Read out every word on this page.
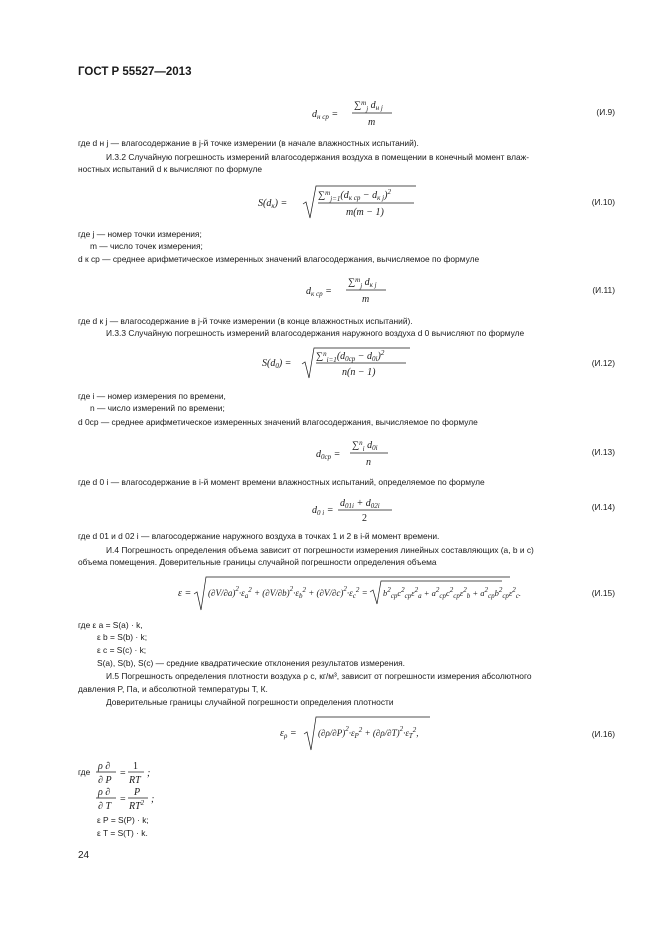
ГОСТ Р 55527—2013
$d_{н ср}$ =
∑$^m_j$ $d_{н j}$
m
(И.9)
где d н j — влагосодержание в j-й точке измерении (в начале влажностных испытаний).
И.3.2 Случайную погрешность измерений влагосодержания воздуха в помещении в конечный момент влаж-
ностных испытаний d к вычисляют по формуле
$S(d_к)$ =
$\sum^m_{j=1}(d_{к ср} - d_{к j})^2$
m(m − 1)
(И.10)
где j — номер точки измерения;
m — число точек измерения;
d к ср — среднее арифметическое измеренных значений влагосодержания, вычисляемое по формуле
$d_{к ср}$ =
∑$^m_j$ $d_{к j}$
m
(И.11)
где d к j — влагосодержание в j-й точке измерении (в конце влажностных испытаний).
И.3.3 Случайную погрешность измерений влагосодержания наружного воздуха d 0 вычисляют по формуле
$S(d_0)$ =
$\sum^n_{i=1}(d_{0ср} - d_{0i})^2$
n(n − 1)
(И.12)
где i — номер измерения по времени,
n — число измерений по времени;
d 0ср — среднее арифметическое измеренных значений влагосодержания, вычисляемое по формуле
$d_{0ср}$ =
∑$^n_i$ $d_{0i}$
n
(И.13)
где d 0 i — влагосодержание в i-й момент времени влажностных испытаний, определяемое по формуле
$d_{0 i}$ =
$d_{01i} + d_{02i}$
2
(И.14)
где d 01 и d 02 i — влагосодержание наружного воздуха в точках 1 и 2 в i-й момент времени.
И.4 Погрешность определения объема зависит от погрешности измерения линейных составляющих (a, b и c)
объема помещения. Доверительные границы случайной погрешности определения объема
$\varepsilon = (\partial V/\partial a)^2\cdot\varepsilon_a^2 + (\partial V/\partial b)^2\cdot\varepsilon_b^2 + (\partial V/\partial c)^2\cdot\varepsilon_c^2 = b^2_{ср}c^2_{ср}\varepsilon^2_a + a^2_{ср}c^2_{ср}\varepsilon^2_b + a^2_{ср}b^2_{ср}\varepsilon^2_c$.	(И.15)
где ε a = S(a) · k,
ε b = S(b) · k;
ε c = S(c) · k;
S(a), S(b), S(c) — средние квадратические отклонения результатов измерения.
И.5 Погрешность определения плотности воздуха ρ с, кг/м³, зависит от погрешности измерения абсолютного
давления P, Па, и абсолютной температуры T, К.
Доверительные границы случайной погрешности определения плотности
$\varepsilon_\rho = (\partial\rho/\partial P)^2\cdot\varepsilon_P^2 + (\partial\rho/\partial T)^2\cdot\varepsilon_T^2$,	(И.16)
где ρ ∂
∂ P
=
1
RT
;
ρ ∂
∂ T
=
P
$RT^2$ ;
ε P = S(P) · k;
ε T = S(T) · k.
24
